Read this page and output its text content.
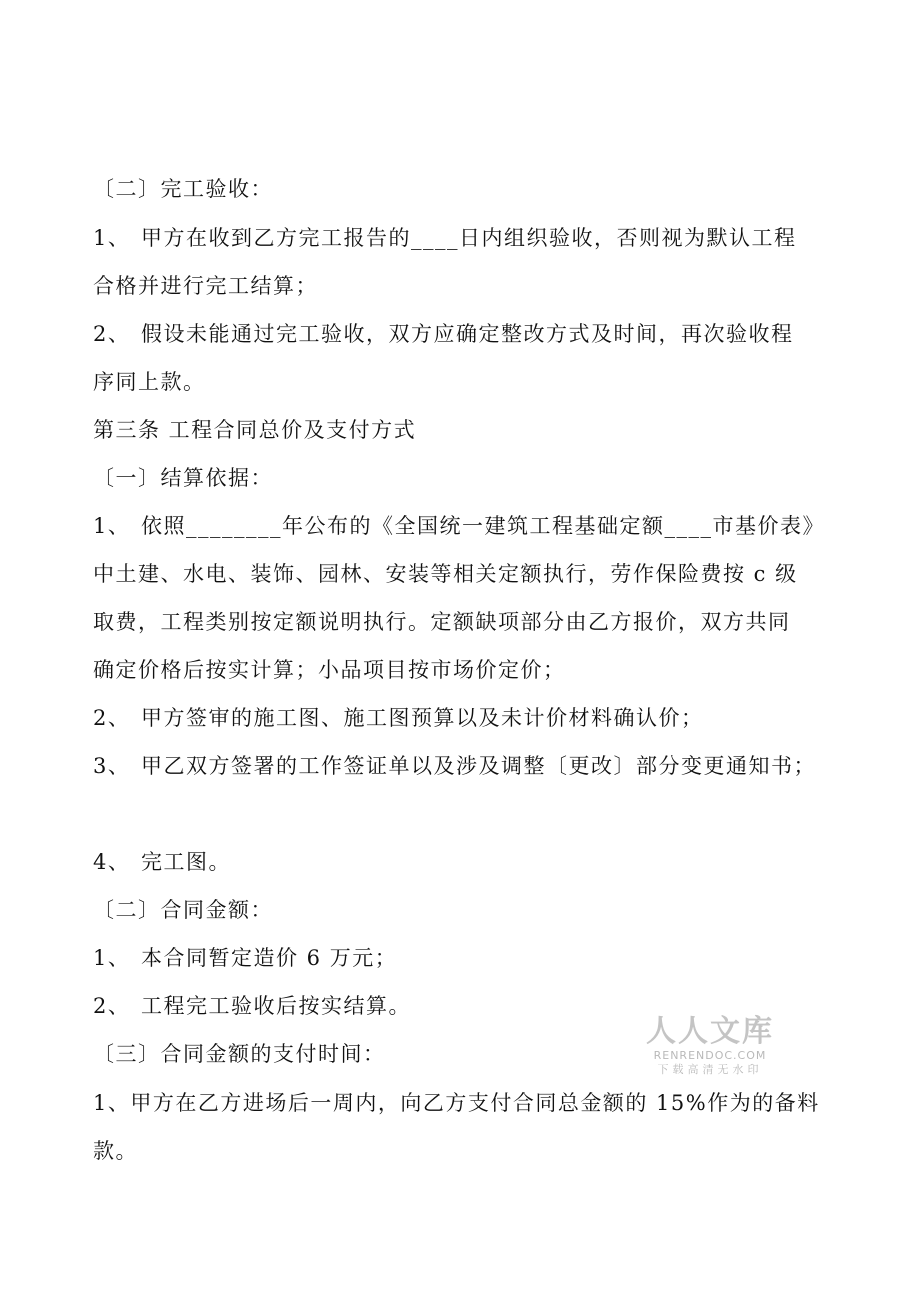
〔二〕完工验收：
1、 甲方在收到乙方完工报告的____日内组织验收，否则视为默认工程
合格并进行完工结算；
2、 假设未能通过完工验收，双方应确定整改方式及时间，再次验收程
序同上款。
第三条 工程合同总价及支付方式
〔一〕结算依据：
1、 依照________年公布的《全国统一建筑工程基础定额____市基价表》
中土建、水电、装饰、园林、安装等相关定额执行，劳作保险费按 c 级
取费，工程类别按定额说明执行。定额缺项部分由乙方报价，双方共同
确定价格后按实计算；小品项目按市场价定价；
2、 甲方签审的施工图、施工图预算以及未计价材料确认价；
3、 甲乙双方签署的工作签证单以及涉及调整〔更改〕部分变更通知书；
4、 完工图。
〔二〕合同金额：
1、 本合同暂定造价 6 万元；
2、 工程完工验收后按实结算。
〔三〕合同金额的支付时间：
1、甲方在乙方进场后一周内，向乙方支付合同总金额的 15%作为的备料
款。
人人文库
RENRENDOC.COM
下载高清无水印
